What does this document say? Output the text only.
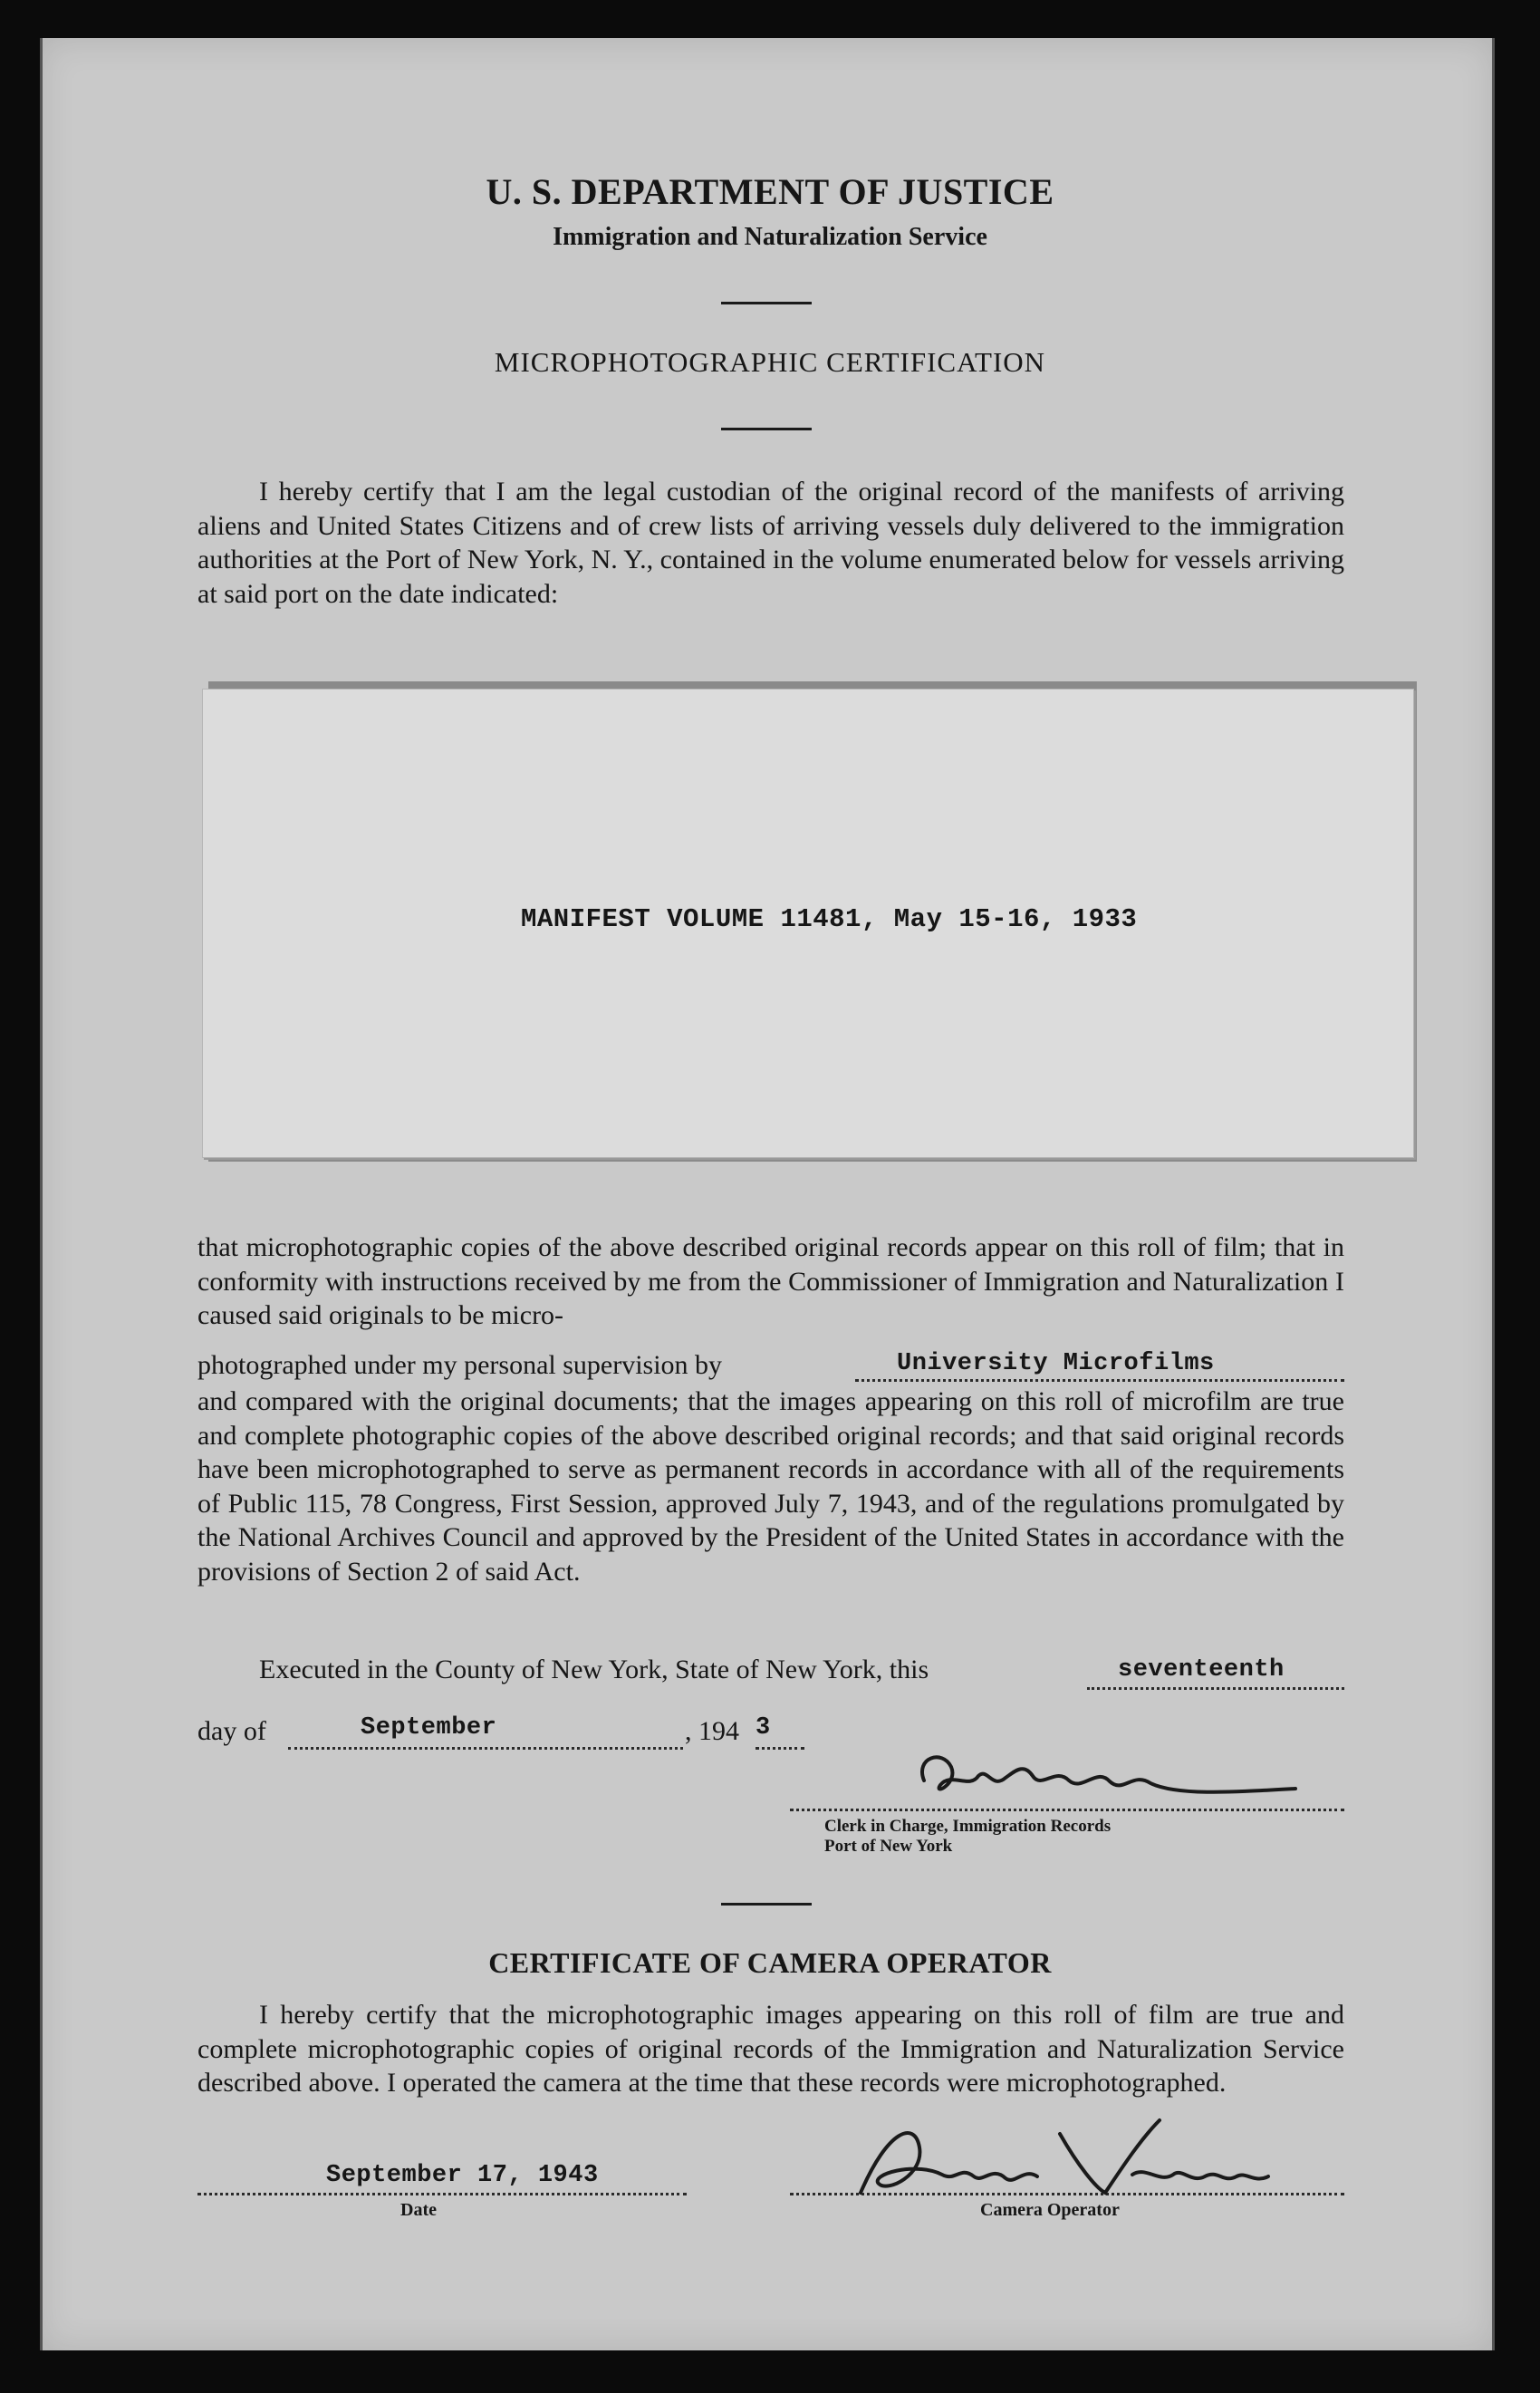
U. S. DEPARTMENT OF JUSTICE
Immigration and Naturalization Service
MICROPHOTOGRAPHIC CERTIFICATION

I hereby certify that I am the legal custodian of the original record of the manifests of arriving aliens and United States Citizens and of crew lists of arriving vessels duly delivered to the immigration authorities at the Port of New York, N. Y., contained in the volume enumerated below for vessels arriving at said port on the date indicated:

MANIFEST VOLUME 11481, May 15-16, 1933

that microphotographic copies of the above described original records appear on this roll of film; that in conformity with instructions received by me from the Commissioner of Immigration and Naturalization I caused said originals to be micro-

photographed under my personal supervision by	University Microfilms

and compared with the original documents; that the images appearing on this roll of microfilm are true and complete photographic copies of the above described original records; and that said original records have been microphotographed to serve as permanent records in accordance with all of the requirements of Public 115, 78 Congress, First Session, approved July 7, 1943, and of the regulations promulgated by the National Archives Council and approved by the President of the United States in accordance with the provisions of Section 2 of said Act.

Executed in the County of New York, State of New York, this	seventeenth
day of	September	, 194 3
Clerk in Charge, Immigration Records
Port of New York
CERTIFICATE OF CAMERA OPERATOR

I hereby certify that the microphotographic images appearing on this roll of film are true and complete microphotographic copies of original records of the Immigration and Naturalization Service described above. I operated the camera at the time that these records were microphotographed.

September 17, 1943
Date	Camera Operator
